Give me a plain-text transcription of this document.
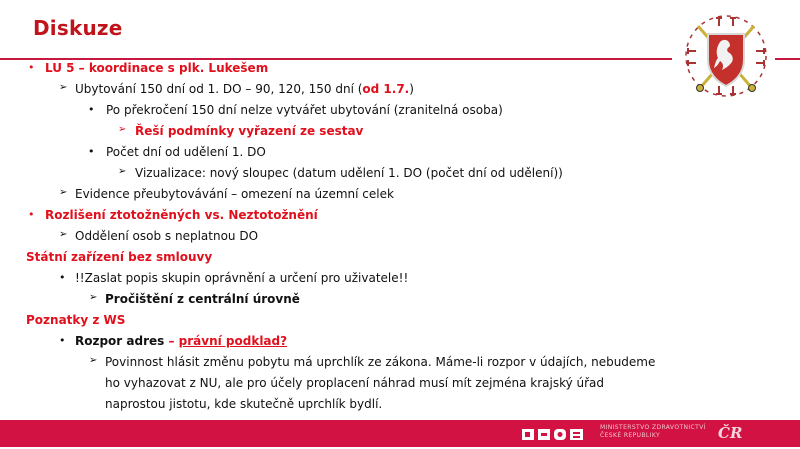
Diskuze
• LU 5 – koordinace s plk. Lukešem
➢ Ubytování 150 dní od 1. DO – 90, 120, 150 dní (od 1.7.)
• Po překročení 150 dní nelze vytvářet ubytování (zranitelná osoba)
➢ Řeší podmínky vyřazení ze sestav
• Počet dní od udělení 1. DO
➢ Vizualizace: nový sloupec (datum udělení 1. DO (počet dní od udělení))
➢ Evidence přeubytovávání – omezení na územní celek
• Rozlišení ztotožněných vs. Neztotožnění
➢ Oddělení osob s neplatnou DO
Státní zařízení bez smlouvy
• !!Zaslat popis skupin oprávnění a určení pro uživatele!!
➢ Pročištění z centrální úrovně
Poznatky z WS
• Rozpor adres – právní podklad?
➢ Povinnost hlásit změnu pobytu má uprchlík ze zákona. Máme-li rozpor v údajích, nebudeme
ho vyhazovat z NU, ale pro účely proplacení náhrad musí mít zejména krajský úřad
naprostou jistotu, kde skutečně uprchlík bydlí.
MINISTERSTVO ZDRAVOTNICTVÍ
ČESKÉ REPUBLIKY	ČR
